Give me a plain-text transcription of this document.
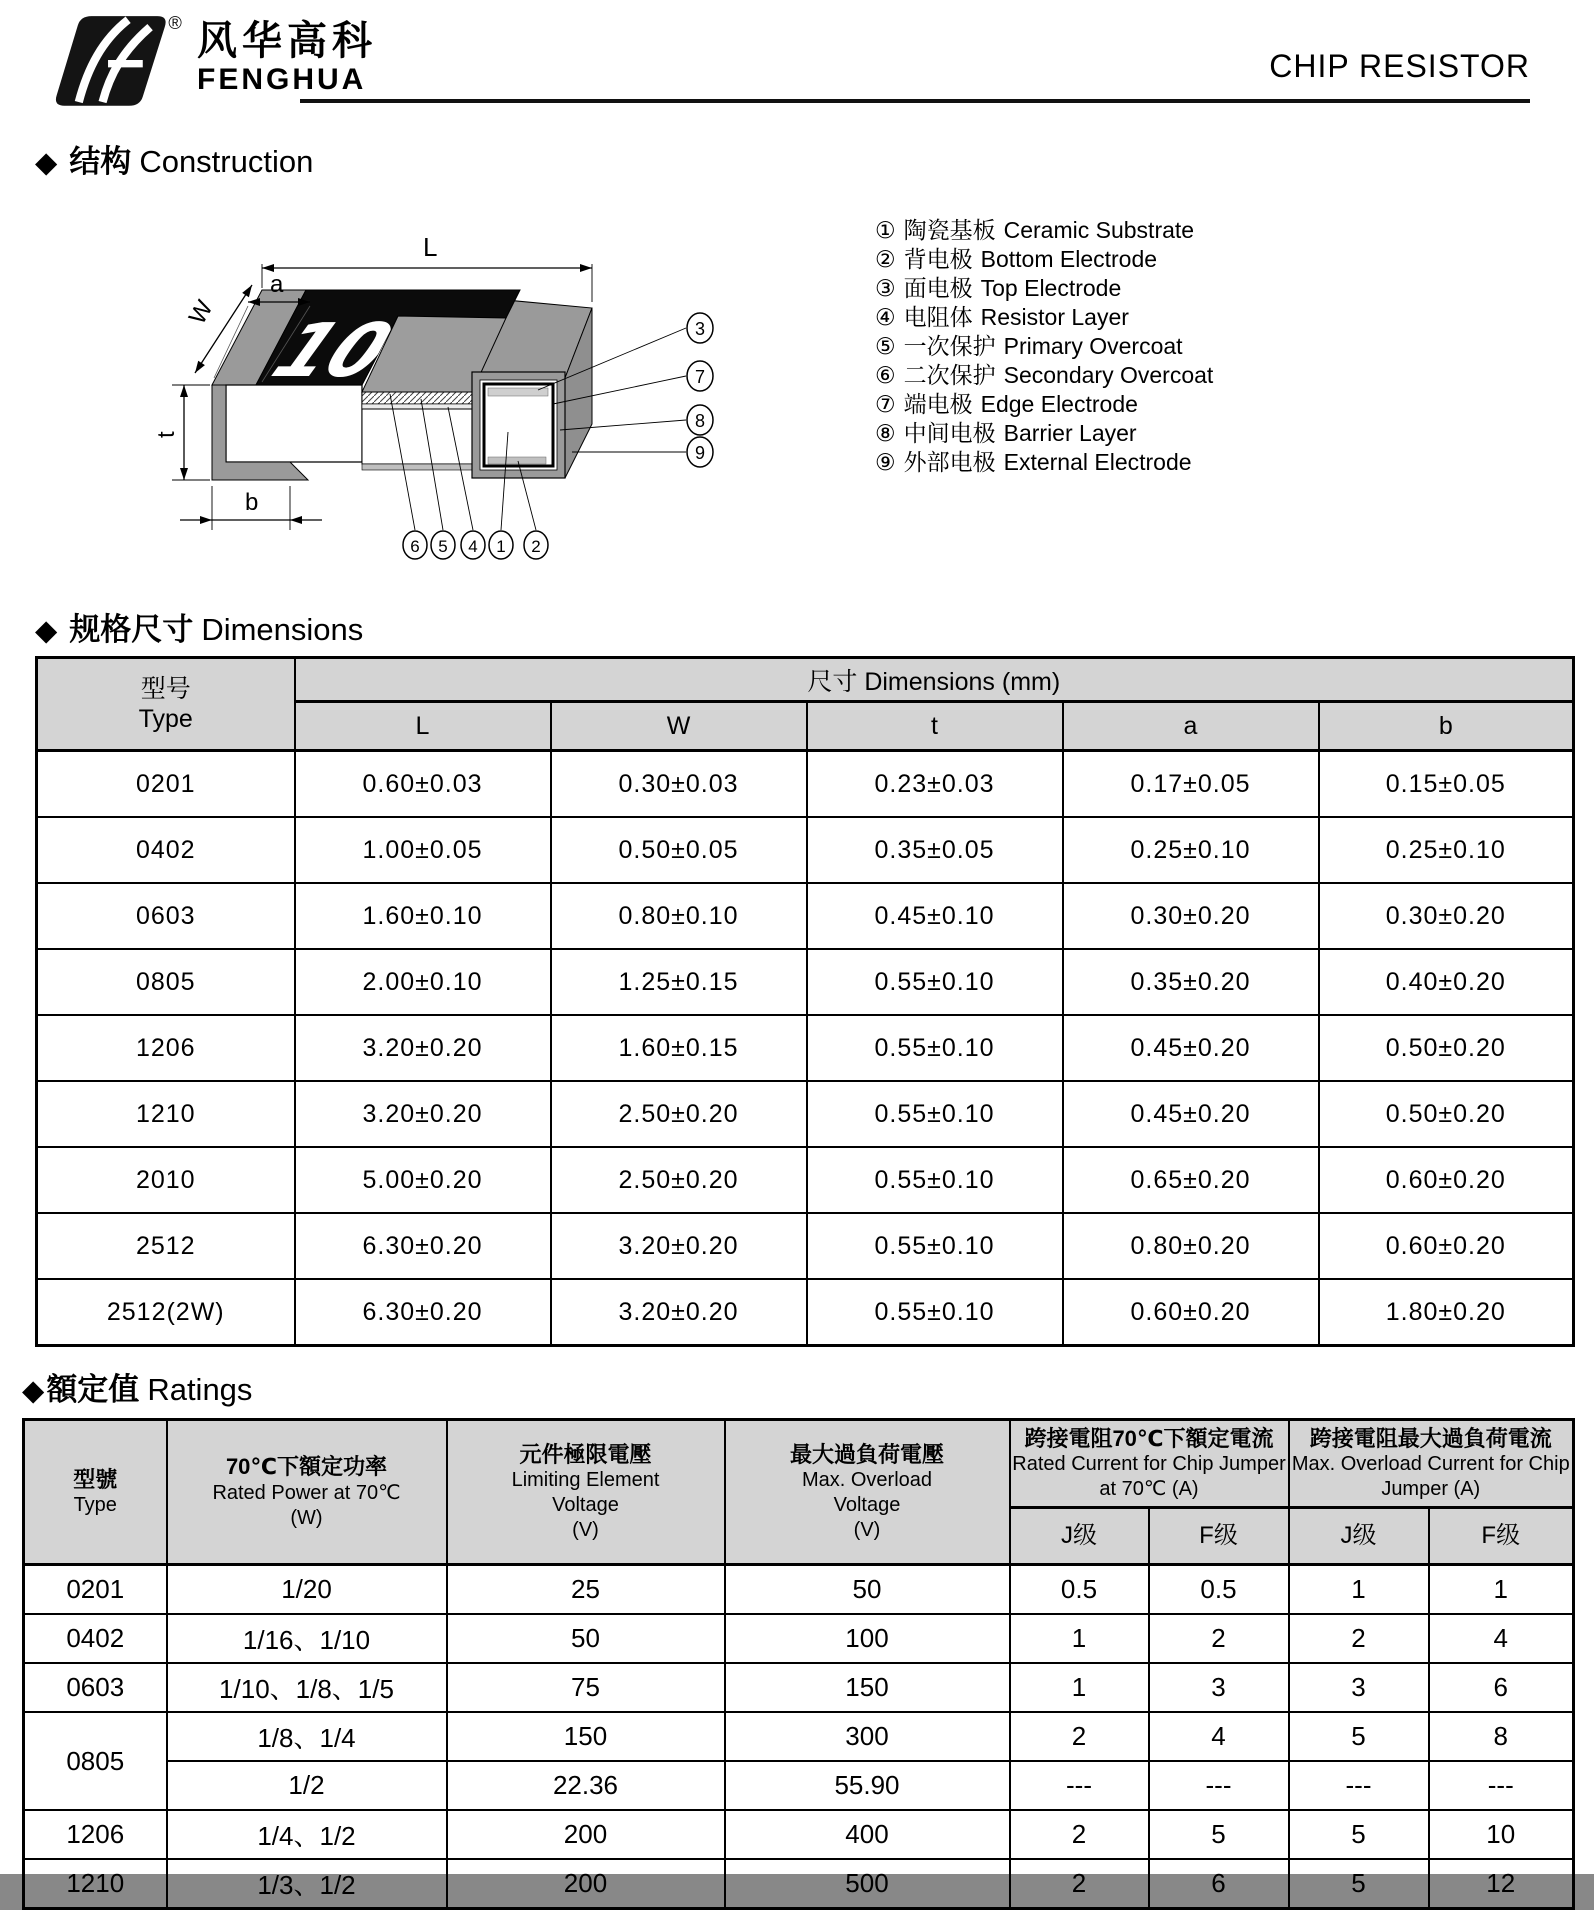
® 风华高科
FENGHUA	CHIP RESISTOR
◆ 结构 Construction
L
a
W
t
b
3
7
8
9
6 5 4 1 2
① 陶瓷基板 Ceramic Substrate
② 背电极 Bottom Electrode
③ 面电极 Top Electrode
④ 电阻体 Resistor Layer
⑤ 一次保护 Primary Overcoat
⑥ 二次保护 Secondary Overcoat
⑦ 端电极 Edge Electrode
⑧ 中间电极 Barrier Layer
⑨ 外部电极 External Electrode
◆ 规格尺寸 Dimensions
型号
Type	尺寸 Dimensions (mm)				
	L	W	t	a	b
0201	0.60±0.03	0.30±0.03	0.23±0.03	0.17±0.05	0.15±0.05
0402	1.00±0.05	0.50±0.05	0.35±0.05	0.25±0.10	0.25±0.10
0603	1.60±0.10	0.80±0.10	0.45±0.10	0.30±0.20	0.30±0.20
0805	2.00±0.10	1.25±0.15	0.55±0.10	0.35±0.20	0.40±0.20
1206	3.20±0.20	1.60±0.15	0.55±0.10	0.45±0.20	0.50±0.20
1210	3.20±0.20	2.50±0.20	0.55±0.10	0.45±0.20	0.50±0.20
2010	5.00±0.20	2.50±0.20	0.55±0.10	0.65±0.20	0.60±0.20
2512	6.30±0.20	3.20±0.20	0.55±0.10	0.80±0.20	0.60±0.20
2512(2W)	6.30±0.20	3.20±0.20	0.55±0.10	0.60±0.20	1.80±0.20
◆額定值 Ratings
型號
Type

70℃下額定功率
Rated Power at 70℃
(W)

元件極限電壓
Limiting Element Voltage
(V)

最大過負荷電壓
Max. Overload Voltage
(V)

跨接電阻70℃下額定電流
Rated Current for Chip Jumper at 70℃ (A)

跨接電阻最大過負荷電流
Max. Overload Current for Chip Jumper (A)

				J级	F级	J级	F级
0201	1/20	25	50	0.5	0.5	1	1
0402	1/16、1/10	50	100	1	2	2	4
0603	1/10、1/8、1/5	75	150	1	3	3	6
0805	1/8、1/4	150	300	2	4	5	8
	1/2	22.36	55.90	---	---	---	---
1206	1/4、1/2	200	400	2	5	5	10
1210	1/3、1/2	200	500	2	6	5	12
